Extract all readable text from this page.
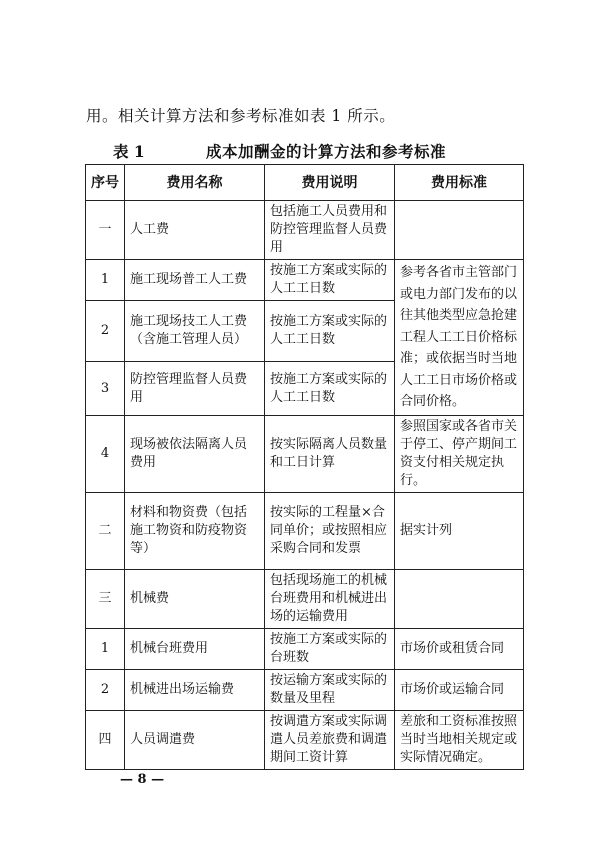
用。相关计算方法和参考标准如表 1 所示。
表 1	成本加酬金的计算方法和参考标准
序号	费用名称	费用说明	费用标准
一	人工费	包括施工人员费用和防控管理监督人员费用	
1	施工现场普工人工费	按施工方案或实际的人工工日数	参考各省市主管部门或电力部门发布的以往其他类型应急抢建工程人工工日价格标准；或依据当时当地人工工日市场价格或合同价格。
2	施工现场技工人工费（含施工管理人员）	按施工方案或实际的人工工日数	
3	防控管理监督人员费用	按施工方案或实际的人工工日数	
4	现场被依法隔离人员费用	按实际隔离人员数量和工日计算	参照国家或各省市关于停工、停产期间工资支付相关规定执行。
二	材料和物资费（包括施工物资和防疫物资等）	按实际的工程量×合同单价；或按照相应采购合同和发票	据实计列
三	机械费	包括现场施工的机械台班费用和机械进出场的运输费用	
1	机械台班费用	按施工方案或实际的台班数	市场价或租赁合同
2	机械进出场运输费	按运输方案或实际的数量及里程	市场价或运输合同
四	人员调遣费	按调遣方案或实际调遣人员差旅费和调遣期间工资计算	差旅和工资标准按照当时当地相关规定或实际情况确定。
— 8 —
